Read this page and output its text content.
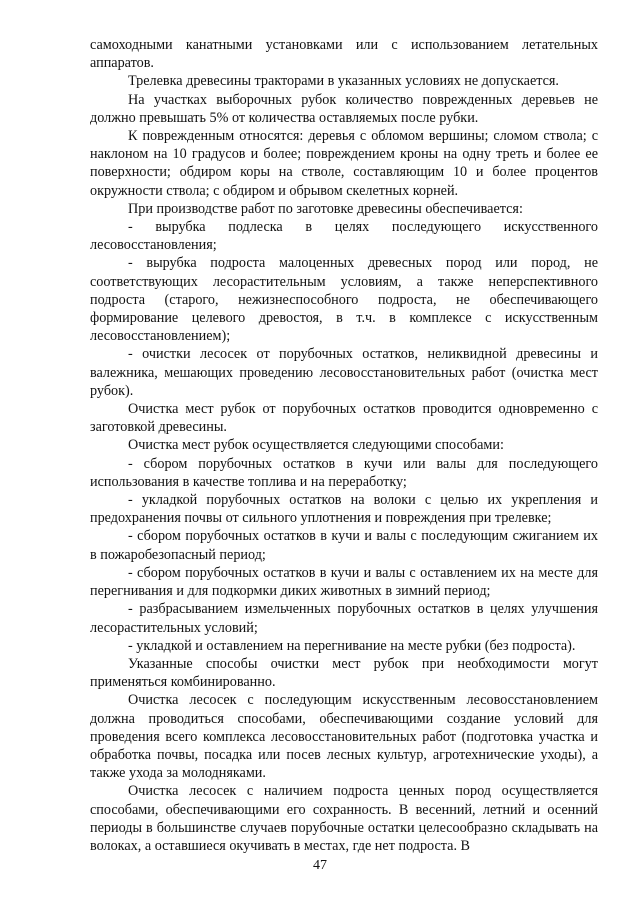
самоходными канатными установками или с использованием летательных аппаратов.

Трелевка древесины тракторами в указанных условиях не допускается.

На участках выборочных рубок количество поврежденных деревьев не должно превышать 5% от количества оставляемых после рубки.

К поврежденным относятся: деревья с обломом вершины; сломом ствола; с наклоном на 10 градусов и более; повреждением кроны на одну треть и более ее поверхности; обдиром коры на стволе, составляющим 10 и более процентов окружности ствола; с обдиром и обрывом скелетных корней.

При производстве работ по заготовке древесины обеспечивается:

- вырубка подлеска в целях последующего искусственного лесовосстановления;

- вырубка подроста малоценных древесных пород или пород, не соответствующих лесорастительным условиям, а также неперспективного подроста (старого, нежизнеспособного подроста, не обеспечивающего формирование целевого древостоя, в т.ч. в комплексе с искусственным лесовосстановлением);

- очистки лесосек от порубочных остатков, неликвидной древесины и валежника, мешающих проведению лесовосстановительных работ (очистка мест рубок).

Очистка мест рубок от порубочных остатков проводится одновременно с заготовкой древесины.

Очистка мест рубок осуществляется следующими способами:

- сбором порубочных остатков в кучи или валы для последующего использования в качестве топлива и на переработку;

- укладкой порубочных остатков на волоки с целью их укрепления и предохранения почвы от сильного уплотнения и повреждения при трелевке;

- сбором порубочных остатков в кучи и валы с последующим сжиганием их в пожаробезопасный период;

- сбором порубочных остатков в кучи и валы с оставлением их на месте для перегнивания и для подкормки диких животных в зимний период;

- разбрасыванием измельченных порубочных остатков в целях улучшения лесорастительных условий;

- укладкой и оставлением на перегнивание на месте рубки (без подроста).

Указанные способы очистки мест рубок при необходимости могут применяться комбинированно.

Очистка лесосек с последующим искусственным лесовосстановлением должна проводиться способами, обеспечивающими создание условий для проведения всего комплекса лесовосстановительных работ (подготовка участка и обработка почвы, посадка или посев лесных культур, агротехнические уходы), а также ухода за молодняками.

Очистка лесосек с наличием подроста ценных пород осуществляется способами, обеспечивающими его сохранность. В весенний, летний и осенний периоды в большинстве случаев порубочные остатки целесообразно складывать на волоках, а оставшиеся окучивать в местах, где нет подроста. В

47
